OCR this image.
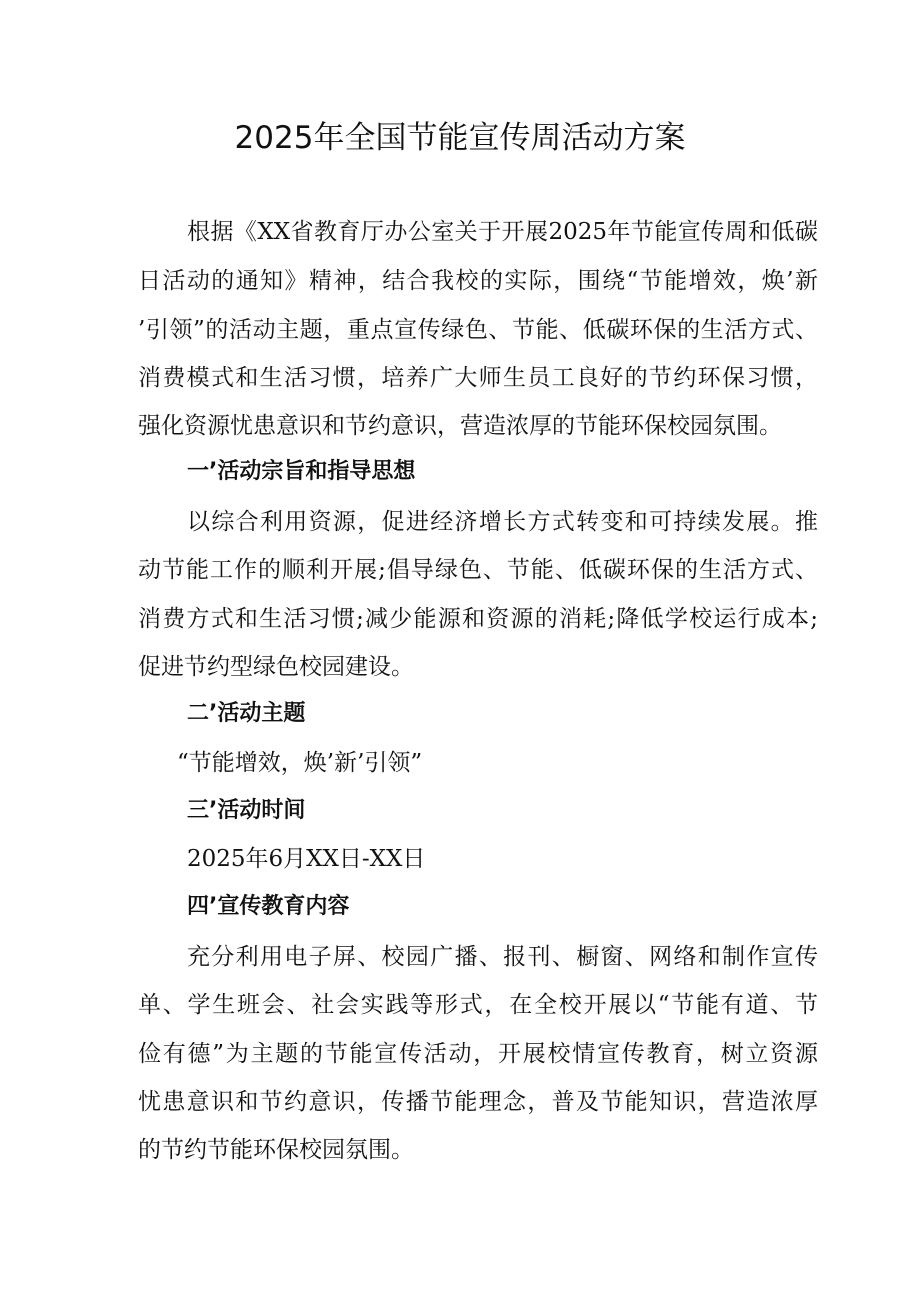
2025年全国节能宣传周活动方案

根据《XX省教育厅办公室关于开展2025年节能宣传周和低碳

日活动的通知》精神，结合我校的实际，围绕“节能增效，焕’新

’引领”的活动主题，重点宣传绿色、节能、低碳环保的生活方式、

消费模式和生活习惯，培养广大师生员工良好的节约环保习惯，

强化资源忧患意识和节约意识，营造浓厚的节能环保校园氛围。

一’活动宗旨和指导思想

以综合利用资源，促进经济增长方式转变和可持续发展。推

动节能工作的顺利开展;倡导绿色、节能、低碳环保的生活方式、

消费方式和生活习惯;减少能源和资源的消耗;降低学校运行成本;

促进节约型绿色校园建设。

二’活动主题

“节能增效，焕’新’引领”

三’活动时间

2025年6月XX日-XX日

四’宣传教育内容

充分利用电子屏、校园广播、报刊、橱窗、网络和制作宣传

单、学生班会、社会实践等形式，在全校开展以“节能有道、节

俭有德”为主题的节能宣传活动，开展校情宣传教育，树立资源

忧患意识和节约意识，传播节能理念，普及节能知识，营造浓厚

的节约节能环保校园氛围。
